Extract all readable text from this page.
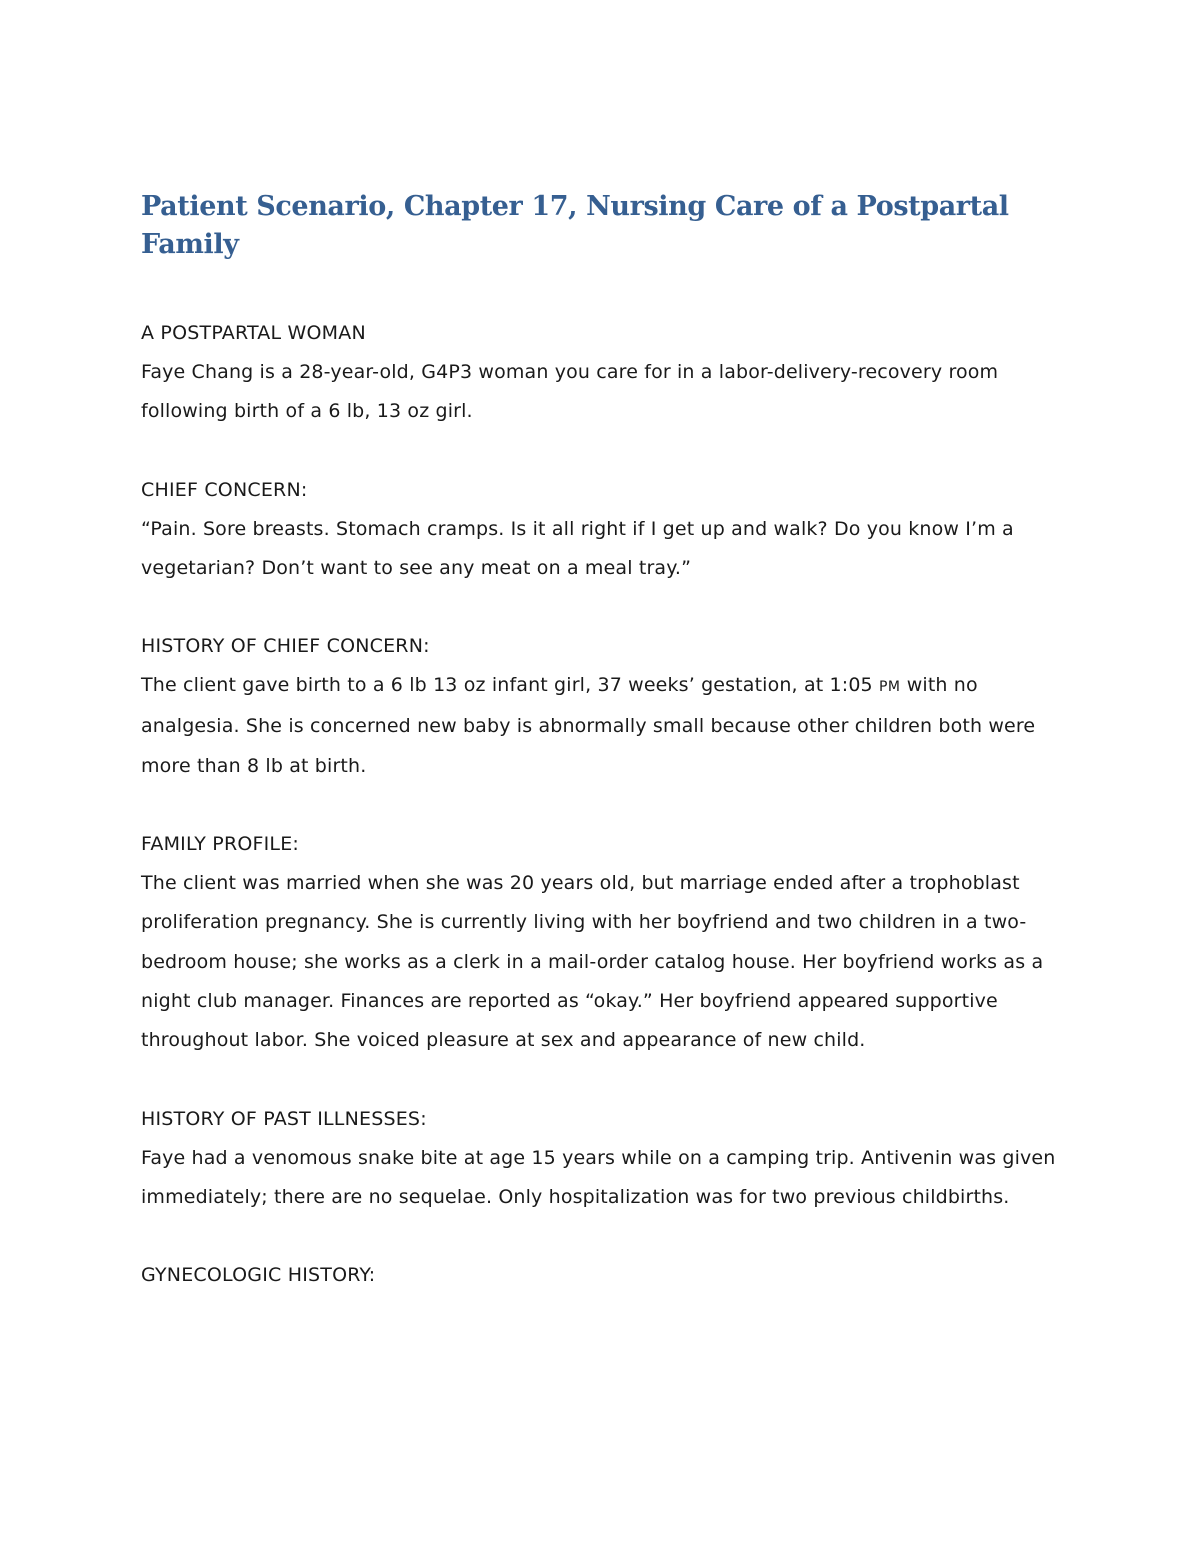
Patient Scenario, Chapter 17, Nursing Care of a Postpartal Family

A POSTPARTAL WOMAN

Faye Chang is a 28-year-old, G4P3 woman you care for in a labor-delivery-recovery room following birth of a 6 lb, 13 oz girl.

CHIEF CONCERN:

“Pain. Sore breasts. Stomach cramps. Is it all right if I get up and walk? Do you know I’m a vegetarian? Don’t want to see any meat on a meal tray.”

HISTORY OF CHIEF CONCERN:

The client gave birth to a 6 lb 13 oz infant girl, 37 weeks’ gestation, at 1:05 PM with no analgesia. She is concerned new baby is abnormally small because other children both were more than 8 lb at birth.

FAMILY PROFILE:

The client was married when she was 20 years old, but marriage ended after a trophoblast proliferation pregnancy. She is currently living with her boyfriend and two children in a two-bedroom house; she works as a clerk in a mail-order catalog house. Her boyfriend works as a night club manager. Finances are reported as “okay.” Her boyfriend appeared supportive throughout labor. She voiced pleasure at sex and appearance of new child.

HISTORY OF PAST ILLNESSES:

Faye had a venomous snake bite at age 15 years while on a camping trip. Antivenin was given immediately; there are no sequelae. Only hospitalization was for two previous childbirths.

GYNECOLOGIC HISTORY:
